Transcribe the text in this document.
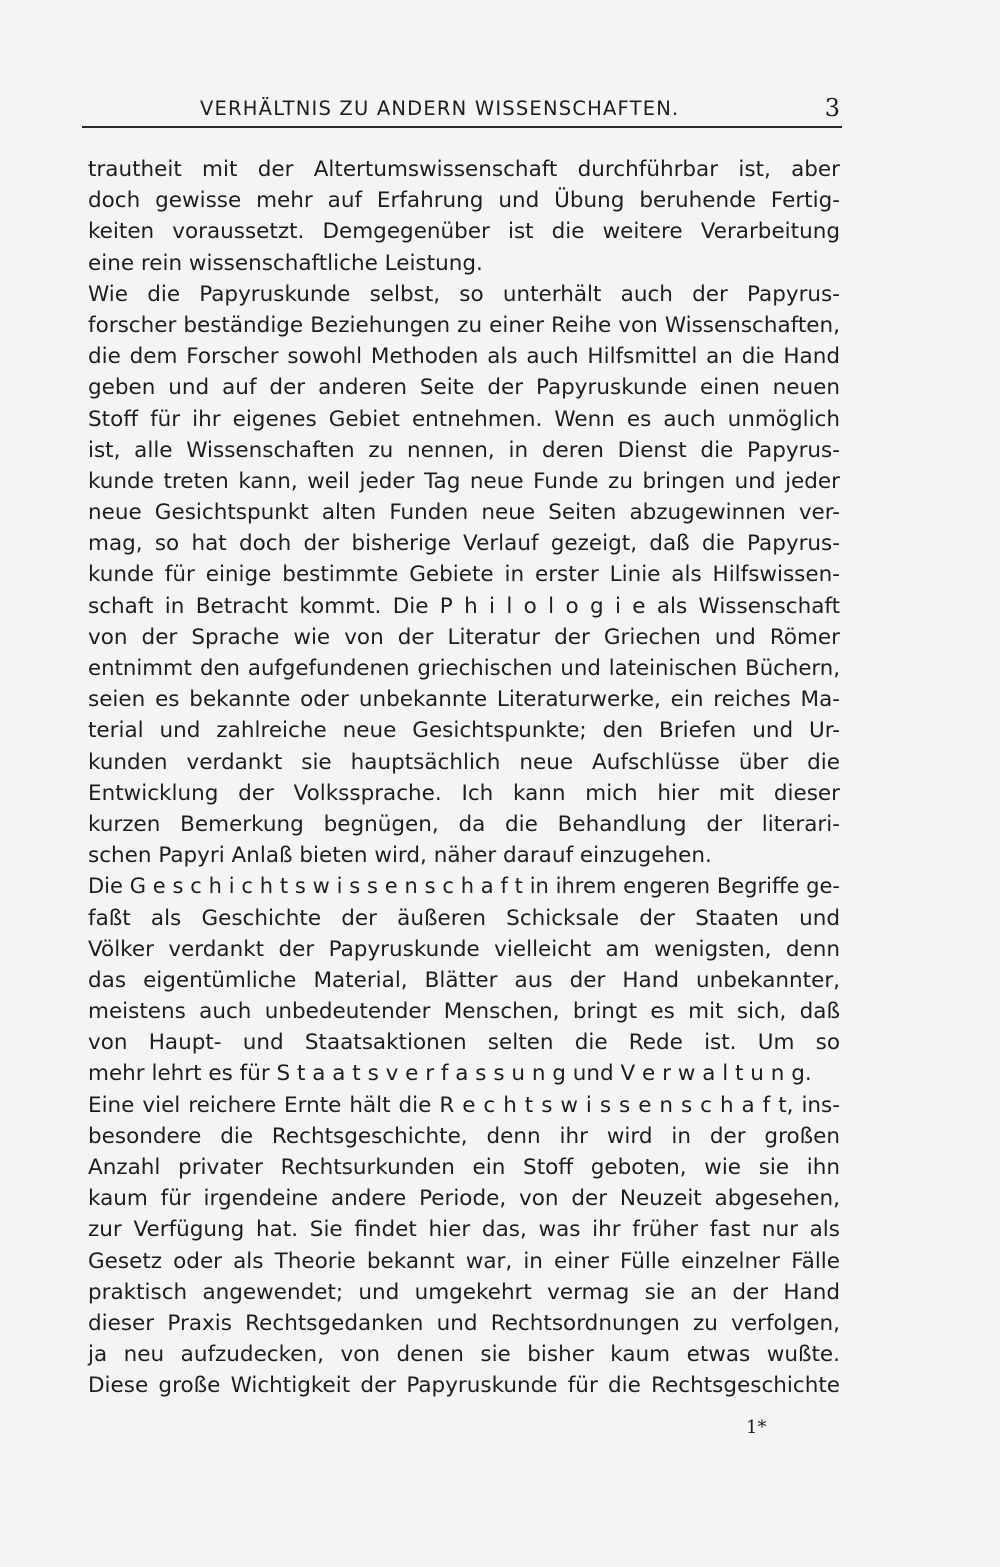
VERHÄLTNIS ZU ANDERN WISSENSCHAFTEN.	3
trautheit mit der Altertumswissenschaft durchführbar ist, aber
doch gewisse mehr auf Erfahrung und Übung beruhende Fertig-
keiten voraussetzt. Demgegenüber ist die weitere Verarbeitung
eine rein wissenschaftliche Leistung.
Wie die Papyruskunde selbst, so unterhält auch der Papyrus-
forscher beständige Beziehungen zu einer Reihe von Wissenschaften,
die dem Forscher sowohl Methoden als auch Hilfsmittel an die Hand
geben und auf der anderen Seite der Papyruskunde einen neuen
Stoff für ihr eigenes Gebiet entnehmen. Wenn es auch unmöglich
ist, alle Wissenschaften zu nennen, in deren Dienst die Papyrus-
kunde treten kann, weil jeder Tag neue Funde zu bringen und jeder
neue Gesichtspunkt alten Funden neue Seiten abzugewinnen ver-
mag, so hat doch der bisherige Verlauf gezeigt, daß die Papyrus-
kunde für einige bestimmte Gebiete in erster Linie als Hilfswissen-
schaft in Betracht kommt. Die P h i l o l o g i e als Wissenschaft
von der Sprache wie von der Literatur der Griechen und Römer
entnimmt den aufgefundenen griechischen und lateinischen Büchern,
seien es bekannte oder unbekannte Literaturwerke, ein reiches Ma-
terial und zahlreiche neue Gesichtspunkte; den Briefen und Ur-
kunden verdankt sie hauptsächlich neue Aufschlüsse über die
Entwicklung der Volkssprache. Ich kann mich hier mit dieser
kurzen Bemerkung begnügen, da die Behandlung der literari-
schen Papyri Anlaß bieten wird, näher darauf einzugehen.
Die G e s c h i c h t s w i s s e n s c h a f t in ihrem engeren Begriffe ge-
faßt als Geschichte der äußeren Schicksale der Staaten und
Völker verdankt der Papyruskunde vielleicht am wenigsten, denn
das eigentümliche Material, Blätter aus der Hand unbekannter,
meistens auch unbedeutender Menschen, bringt es mit sich, daß
von Haupt- und Staatsaktionen selten die Rede ist. Um so
mehr lehrt es für S t a a t s v e r f a s s u n g und V e r w a l t u n g.
Eine viel reichere Ernte hält die R e c h t s w i s s e n s c h a f t, ins-
besondere die Rechtsgeschichte, denn ihr wird in der großen
Anzahl privater Rechtsurkunden ein Stoff geboten, wie sie ihn
kaum für irgendeine andere Periode, von der Neuzeit abgesehen,
zur Verfügung hat. Sie findet hier das, was ihr früher fast nur als
Gesetz oder als Theorie bekannt war, in einer Fülle einzelner Fälle
praktisch angewendet; und umgekehrt vermag sie an der Hand
dieser Praxis Rechtsgedanken und Rechtsordnungen zu verfolgen,
ja neu aufzudecken, von denen sie bisher kaum etwas wußte.
Diese große Wichtigkeit der Papyruskunde für die Rechtsgeschichte
1*
